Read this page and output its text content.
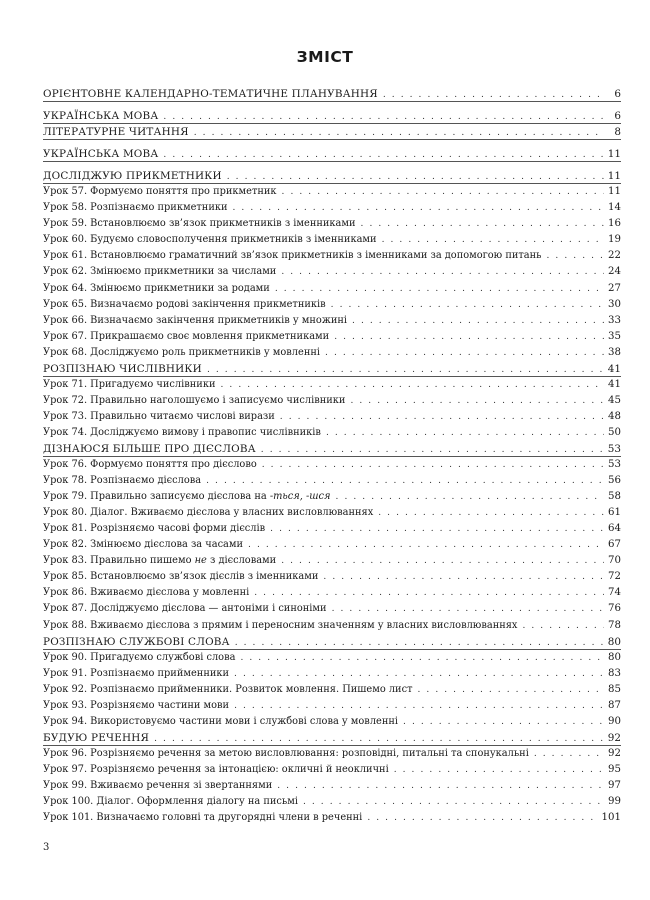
ЗМІСТ
ОРІЄНТОВНЕ КАЛЕНДАРНО-ТЕМАТИЧНЕ ПЛАНУВАННЯ . . .	6
УКРАЇНСЬКА МОВА . . .	6
ЛІТЕРАТУРНЕ ЧИТАННЯ . . .	8
УКРАЇНСЬКА МОВА . . .	11
ДОСЛІДЖУЮ ПРИКМЕТНИКИ . . .	11
Урок 57. Формуємо поняття про прикметник . . .	11
Урок 58. Розпізнаємо прикметники . . .	14
Урок 59. Встановлюємо зв’язок прикметників з іменниками . . .	16
Урок 60. Будуємо словосполучення прикметників з іменниками . . .	19
Урок 61. Встановлюємо граматичний зв’язок прикметників з іменниками за допомогою питань . . .	22
Урок 62. Змінюємо прикметники за числами . . .	24
Урок 64. Змінюємо прикметники за родами . . .	27
Урок 65. Визначаємо родові закінчення прикметників . . .	30
Урок 66. Визначаємо закінчення прикметників у множині . . .	33
Урок 67. Прикрашаємо своє мовлення прикметниками . . .	35
Урок 68. Досліджуємо роль прикметників у мовленні . . .	38
РОЗПІЗНАЮ ЧИСЛІВНИКИ . . .	41
Урок 71. Пригадуємо числівники . . .	41
Урок 72. Правильно наголошуємо і записуємо числівники . . .	45
Урок 73. Правильно читаємо числові вирази . . .	48
Урок 74. Досліджуємо вимову і правопис числівників . . .	50
ДІЗНАЮСЯ БІЛЬШЕ ПРО ДІЄСЛОВА . . .	53
Урок 76. Формуємо поняття про дієслово . . .	53
Урок 78. Розпізнаємо дієслова . . .	56
Урок 79. Правильно записуємо дієслова на -ться, -шся . . .	58
Урок 80. Діалог. Вживаємо дієслова у власних висловлюваннях . . .	61
Урок 81. Розрізняємо часові форми дієслів . . .	64
Урок 82. Змінюємо дієслова за часами . . .	67
Урок 83. Правильно пишемо не з дієсловами . . .	70
Урок 85. Встановлюємо зв’язок дієслів з іменниками . . .	72
Урок 86. Вживаємо дієслова у мовленні . . .	74
Урок 87. Досліджуємо дієслова — антоніми і синоніми . . .	76
Урок 88. Вживаємо дієслова з прямим і переносним значенням у власних висловлюваннях . . .	78
РОЗПІЗНАЮ СЛУЖБОВІ СЛОВА . . .	80
Урок 90. Пригадуємо службові слова . . .	80
Урок 91. Розпізнаємо прийменники . . .	83
Урок 92. Розпізнаємо прийменники. Розвиток мовлення. Пишемо лист . . .	85
Урок 93. Розрізняємо частини мови . . .	87
Урок 94. Використовуємо частини мови і службові слова у мовленні . . .	90
БУДУЮ РЕЧЕННЯ . . .	92
Урок 96. Розрізняємо речення за метою висловлювання: розповідні, питальні та спонукальні . . .	92
Урок 97. Розрізняємо речення за інтонацією: окличні й неокличні . . .	95
Урок 99. Вживаємо речення зі звертаннями . . .	97
Урок 100. Діалог. Оформлення діалогу на письмі . . .	99
Урок 101. Визначаємо головні та другорядні члени в реченні . . .	101
3
